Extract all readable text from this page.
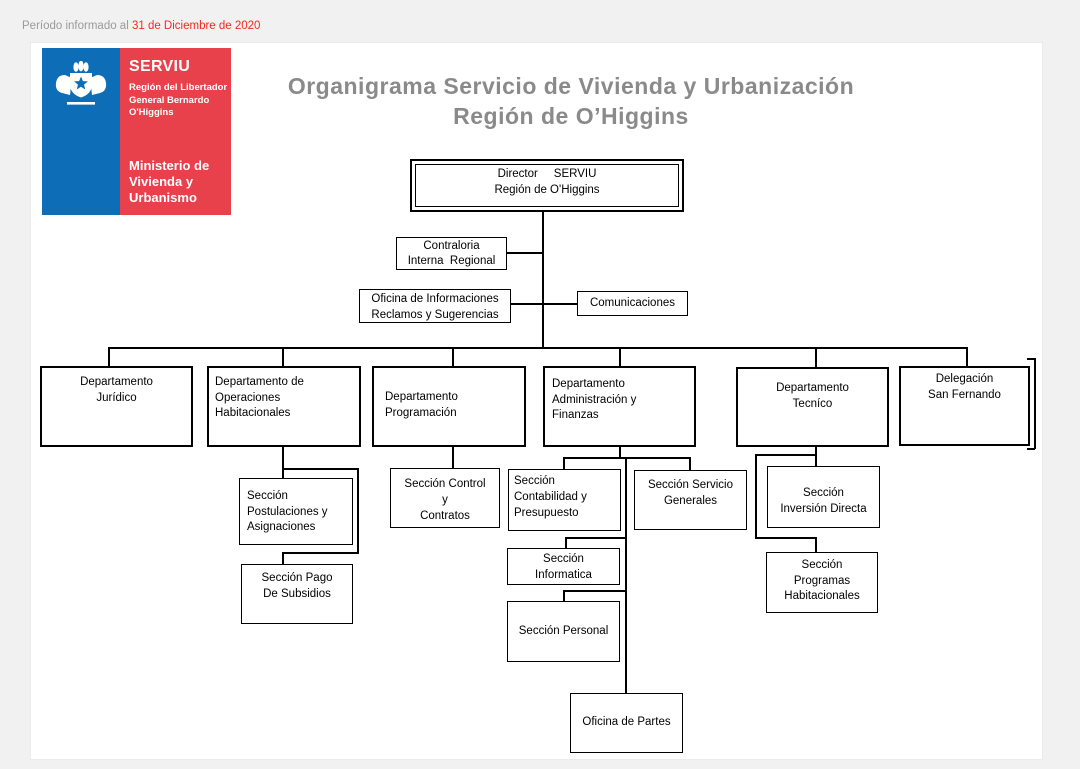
Período informado al 31 de Diciembre de 2020
SERVIU
Región del Libertador
General Bernardo
O'Higgins
Ministerio de
Vivienda y
Urbanismo
Organigrama Servicio de Vivienda y Urbanización
Región de O’Higgins
Director     SERVIU
Región de O'Higgins
Contraloria
Interna  Regional
Oficina de Informaciones
Reclamos y Sugerencias
Comunicaciones
Departamento
Jurídico
Departamento de
Operaciones
Habitacionales
Departamento
Programación
Departamento
Administración y
Finanzas
Departamento
Tecníco
Delegación
San Fernando
Sección
Postulaciones y
Asignaciones
Sección Pago
De Subsidios
Sección Control
y
Contratos
Sección
Contabilidad y
Presupuesto
Sección Servicio
Generales
Sección
Informatica
Sección Personal
Oficina de Partes
Sección
Inversión Directa
Sección
Programas
Habitacionales
